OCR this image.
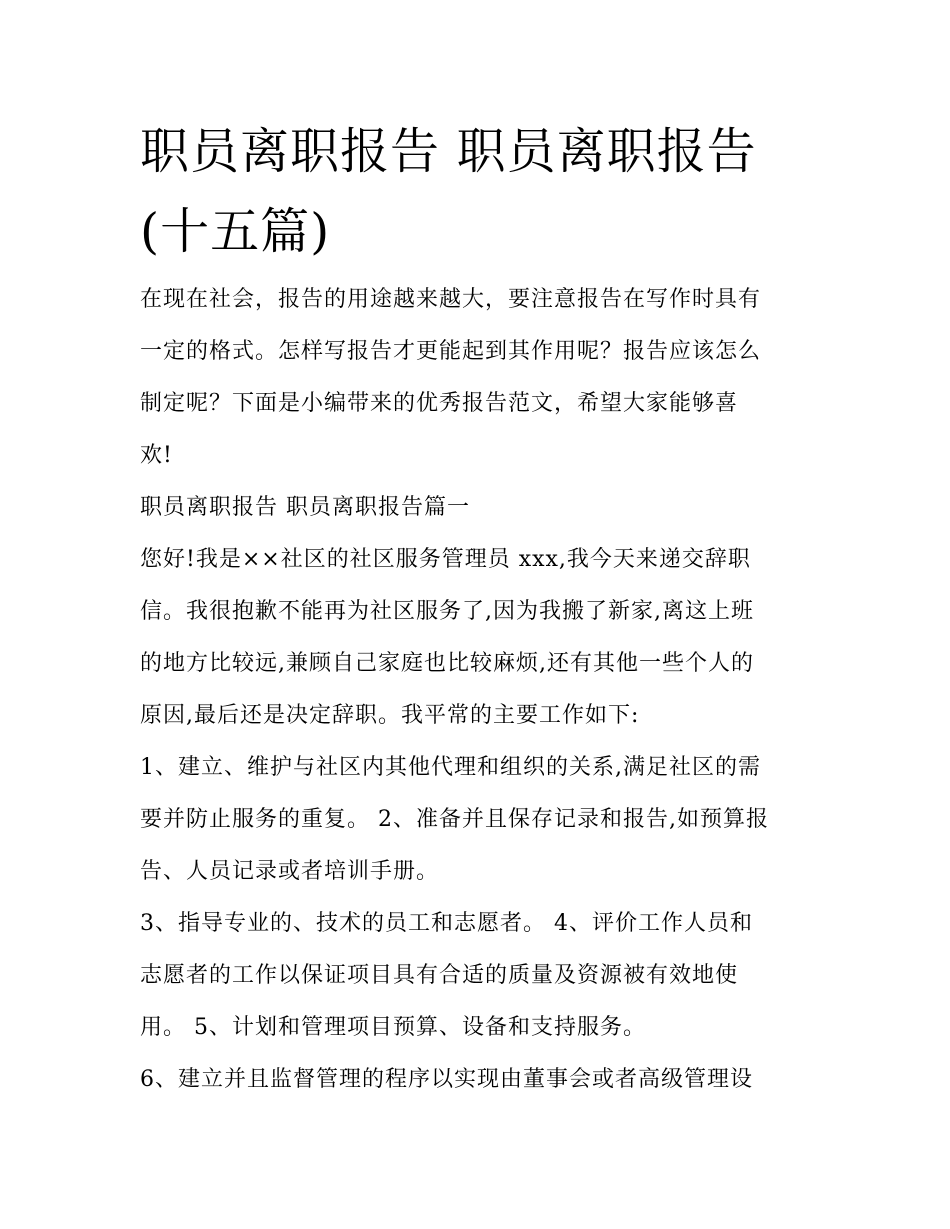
职员离职报告 职员离职报告
(十五篇)
在现在社会，报告的用途越来越大，要注意报告在写作时具有
一定的格式。怎样写报告才更能起到其作用呢？报告应该怎么
制定呢？下面是小编带来的优秀报告范文，希望大家能够喜
欢!
职员离职报告 职员离职报告篇一
您好!我是××社区的社区服务管理员 xxx,我今天来递交辞职
信。我很抱歉不能再为社区服务了,因为我搬了新家,离这上班
的地方比较远,兼顾自己家庭也比较麻烦,还有其他一些个人的
原因,最后还是决定辞职。我平常的主要工作如下:
1、建立、维护与社区内其他代理和组织的关系,满足社区的需
要并防止服务的重复。 2、准备并且保存记录和报告,如预算报
告、人员记录或者培训手册。
3、指导专业的、技术的员工和志愿者。 4、评价工作人员和
志愿者的工作以保证项目具有合适的质量及资源被有效地使
用。 5、计划和管理项目预算、设备和支持服务。
6、建立并且监督管理的程序以实现由董事会或者高级管理设
